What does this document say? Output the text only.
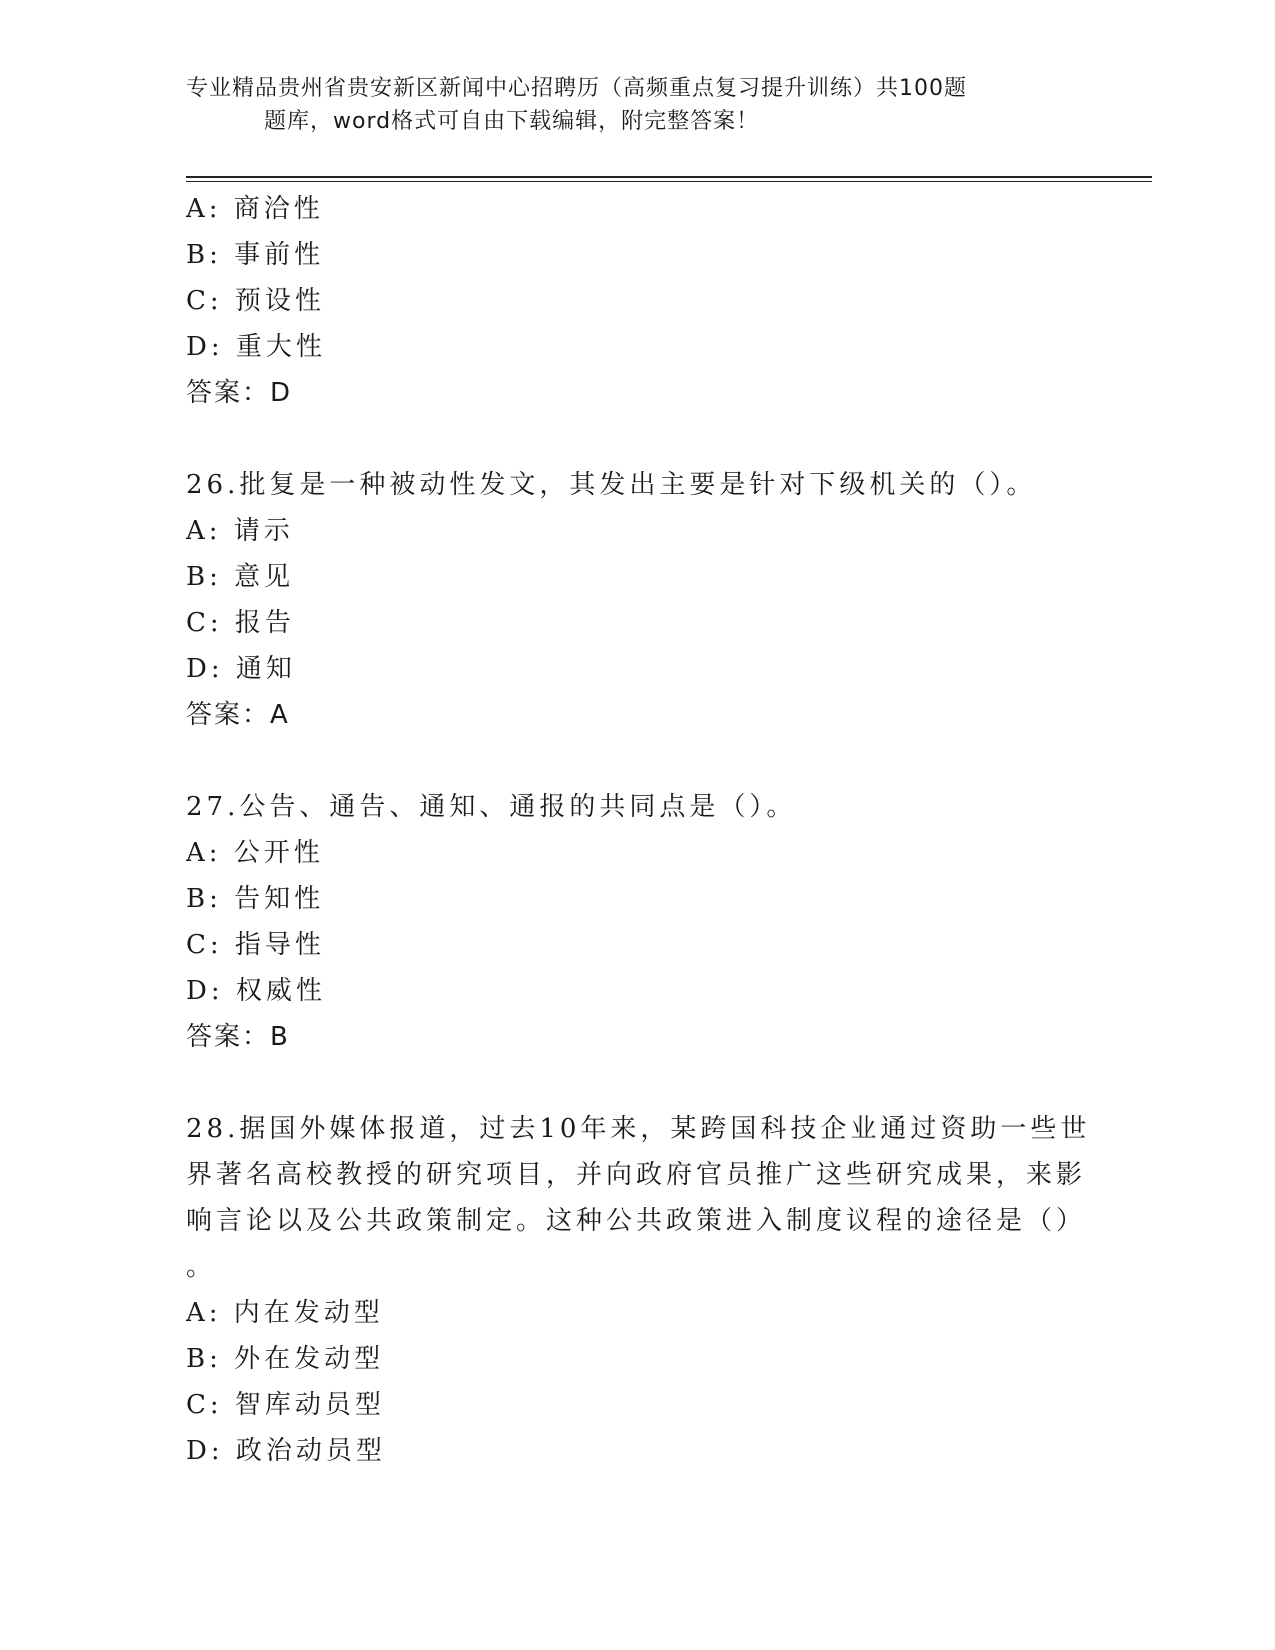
专业精品贵州省贵安新区新闻中心招聘历（高频重点复习提升训练）共100题
题库，word格式可自由下载编辑，附完整答案！
A: 商洽性
B: 事前性
C: 预设性
D: 重大性
答案：D
26.批复是一种被动性发文，其发出主要是针对下级机关的（）。
A: 请示
B: 意见
C: 报告
D: 通知
答案：A
27.公告、通告、通知、通报的共同点是（）。
A: 公开性
B: 告知性
C: 指导性
D: 权威性
答案：B
28.据国外媒体报道，过去10年来，某跨国科技企业通过资助一些世
界著名高校教授的研究项目，并向政府官员推广这些研究成果，来影
响言论以及公共政策制定。这种公共政策进入制度议程的途径是（）
。
A: 内在发动型
B: 外在发动型
C: 智库动员型
D: 政治动员型
